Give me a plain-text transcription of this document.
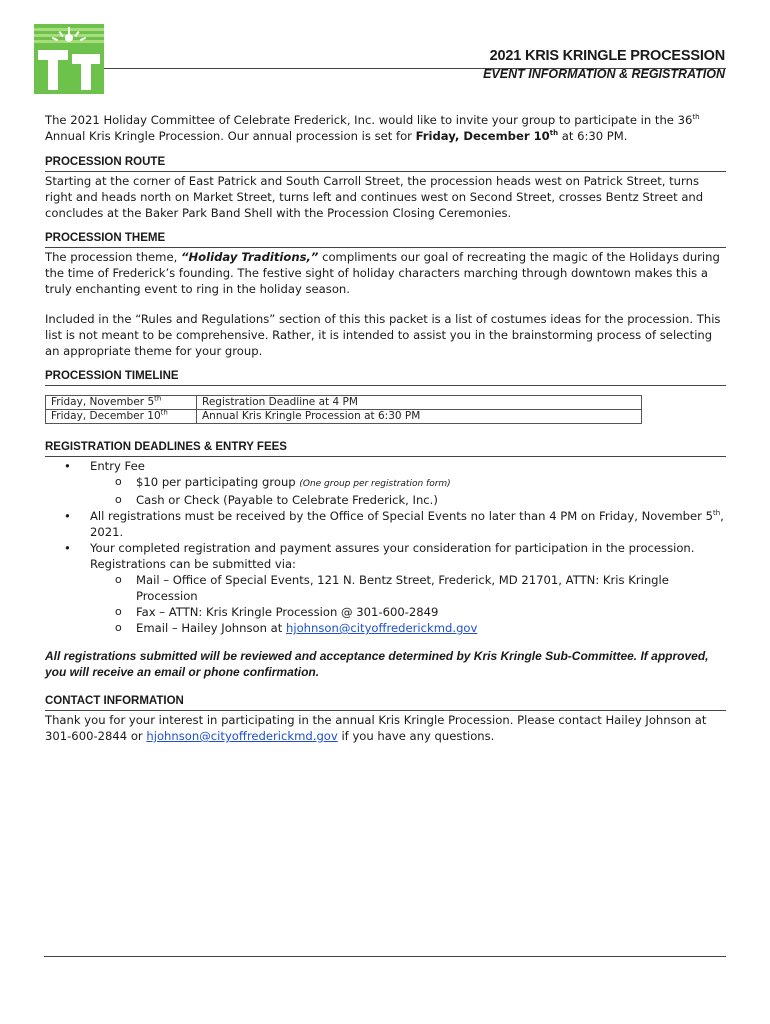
2021 KRIS KRINGLE PROCESSION
EVENT INFORMATION & REGISTRATION

The 2021 Holiday Committee of Celebrate Frederick, Inc. would like to invite your group to participate in the 36th Annual Kris Kringle Procession. Our annual procession is set for Friday, December 10th at 6:30 PM.

PROCESSION ROUTE

Starting at the corner of East Patrick and South Carroll Street, the procession heads west on Patrick Street, turns right and heads north on Market Street, turns left and continues west on Second Street, crosses Bentz Street and concludes at the Baker Park Band Shell with the Procession Closing Ceremonies.

PROCESSION THEME

The procession theme, “Holiday Traditions,” compliments our goal of recreating the magic of the Holidays during the time of Frederick’s founding. The festive sight of holiday characters marching through downtown makes this a truly enchanting event to ring in the holiday season.

Included in the “Rules and Regulations” section of this this packet is a list of costumes ideas for the procession. This list is not meant to be comprehensive. Rather, it is intended to assist you in the brainstorming process of selecting an appropriate theme for your group.

PROCESSION TIMELINE
Friday, November 5th	Registration Deadline at 4 PM
Friday, December 10th	Annual Kris Kringle Procession at 6:30 PM
REGISTRATION DEADLINES & ENTRY FEES
• Entry Fee
o $10 per participating group (One group per registration form)
o Cash or Check (Payable to Celebrate Frederick, Inc.)
• All registrations must be received by the Office of Special Events no later than 4 PM on Friday, November 5th, 2021.
• Your completed registration and payment assures your consideration for participation in the procession. Registrations can be submitted via:
o Mail – Office of Special Events, 121 N. Bentz Street, Frederick, MD 21701, ATTN: Kris Kringle Procession
o Fax – ATTN: Kris Kringle Procession @ 301-600-2849
o Email – Hailey Johnson at hjohnson@cityoffrederickmd.gov

All registrations submitted will be reviewed and acceptance determined by Kris Kringle Sub-Committee. If approved, you will receive an email or phone confirmation.

CONTACT INFORMATION

Thank you for your interest in participating in the annual Kris Kringle Procession. Please contact Hailey Johnson at 301-600-2844 or hjohnson@cityoffrederickmd.gov if you have any questions.
